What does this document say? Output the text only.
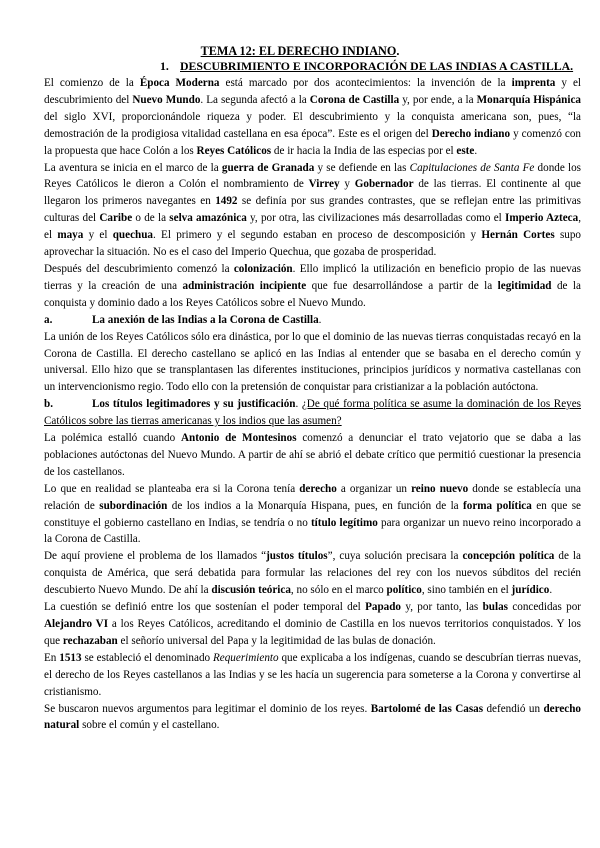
TEMA 12: EL DERECHO INDIANO.
1. DESCUBRIMIENTO E INCORPORACIÓN DE LAS INDIAS A CASTILLA.

El comienzo de la Época Moderna está marcado por dos acontecimientos: la invención de la imprenta y el descubrimiento del Nuevo Mundo. La segunda afectó a la Corona de Castilla y, por ende, a la Monarquía Hispánica del siglo XVI, proporcionándole riqueza y poder. El descubrimiento y la conquista americana son, pues, “la demostración de la prodigiosa vitalidad castellana en esa época”. Este es el origen del Derecho indiano y comenzó con la propuesta que hace Colón a los Reyes Católicos de ir hacia la India de las especias por el este.

La aventura se inicia en el marco de la guerra de Granada y se defiende en las Capitulaciones de Santa Fe donde los Reyes Católicos le dieron a Colón el nombramiento de Virrey y Gobernador de las tierras. El continente al que llegaron los primeros navegantes en 1492 se definía por sus grandes contrastes, que se reflejan entre las primitivas culturas del Caribe o de la selva amazónica y, por otra, las civilizaciones más desarrolladas como el Imperio Azteca, el maya y el quechua. El primero y el segundo estaban en proceso de descomposición y Hernán Cortes supo aprovechar la situación. No es el caso del Imperio Quechua, que gozaba de prosperidad.

Después del descubrimiento comenzó la colonización. Ello implicó la utilización en beneficio propio de las nuevas tierras y la creación de una administración incipiente que fue desarrollándose a partir de la legitimidad de la conquista y dominio dado a los Reyes Católicos sobre el Nuevo Mundo.

a.	La anexión de las Indias a la Corona de Castilla.

La unión de los Reyes Católicos sólo era dinástica, por lo que el dominio de las nuevas tierras conquistadas recayó en la Corona de Castilla. El derecho castellano se aplicó en las Indias al entender que se basaba en el derecho común y universal. Ello hizo que se transplantasen las diferentes instituciones, principios jurídicos y normativa castellanas con un intervencionismo regio. Todo ello con la pretensión de conquistar para cristianizar a la población autóctona.

b.	Los títulos legitimadores y su justificación. ¿De qué forma política se asume la dominación de los Reyes Católicos sobre las tierras americanas y los indios que las asumen?

La polémica estalló cuando Antonio de Montesinos comenzó a denunciar el trato vejatorio que se daba a las poblaciones autóctonas del Nuevo Mundo. A partir de ahí se abrió el debate crítico que permitió cuestionar la presencia de los castellanos.

Lo que en realidad se planteaba era si la Corona tenía derecho a organizar un reino nuevo donde se establecía una relación de subordinación de los indios a la Monarquía Hispana, pues, en función de la forma política en que se constituye el gobierno castellano en Indias, se tendría o no título legítimo para organizar un nuevo reino incorporado a la Corona de Castilla.

De aquí proviene el problema de los llamados “justos títulos”, cuya solución precisara la concepción política de la conquista de América, que será debatida para formular las relaciones del rey con los nuevos súbditos del recién descubierto Nuevo Mundo. De ahí la discusión teórica, no sólo en el marco político, sino también en el jurídico.

La cuestión se definió entre los que sostenían el poder temporal del Papado y, por tanto, las bulas concedidas por Alejandro VI a los Reyes Católicos, acreditando el dominio de Castilla en los nuevos territorios conquistados. Y los que rechazaban el señorío universal del Papa y la legitimidad de las bulas de donación.

En 1513 se estableció el denominado Requerimiento que explicaba a los indígenas, cuando se descubrían tierras nuevas, el derecho de los Reyes castellanos a las Indias y se les hacía un sugerencia para someterse a la Corona y convertirse al cristianismo.

Se buscaron nuevos argumentos para legitimar el dominio de los reyes. Bartolomé de las Casas defendió un derecho natural sobre el común y el castellano.
